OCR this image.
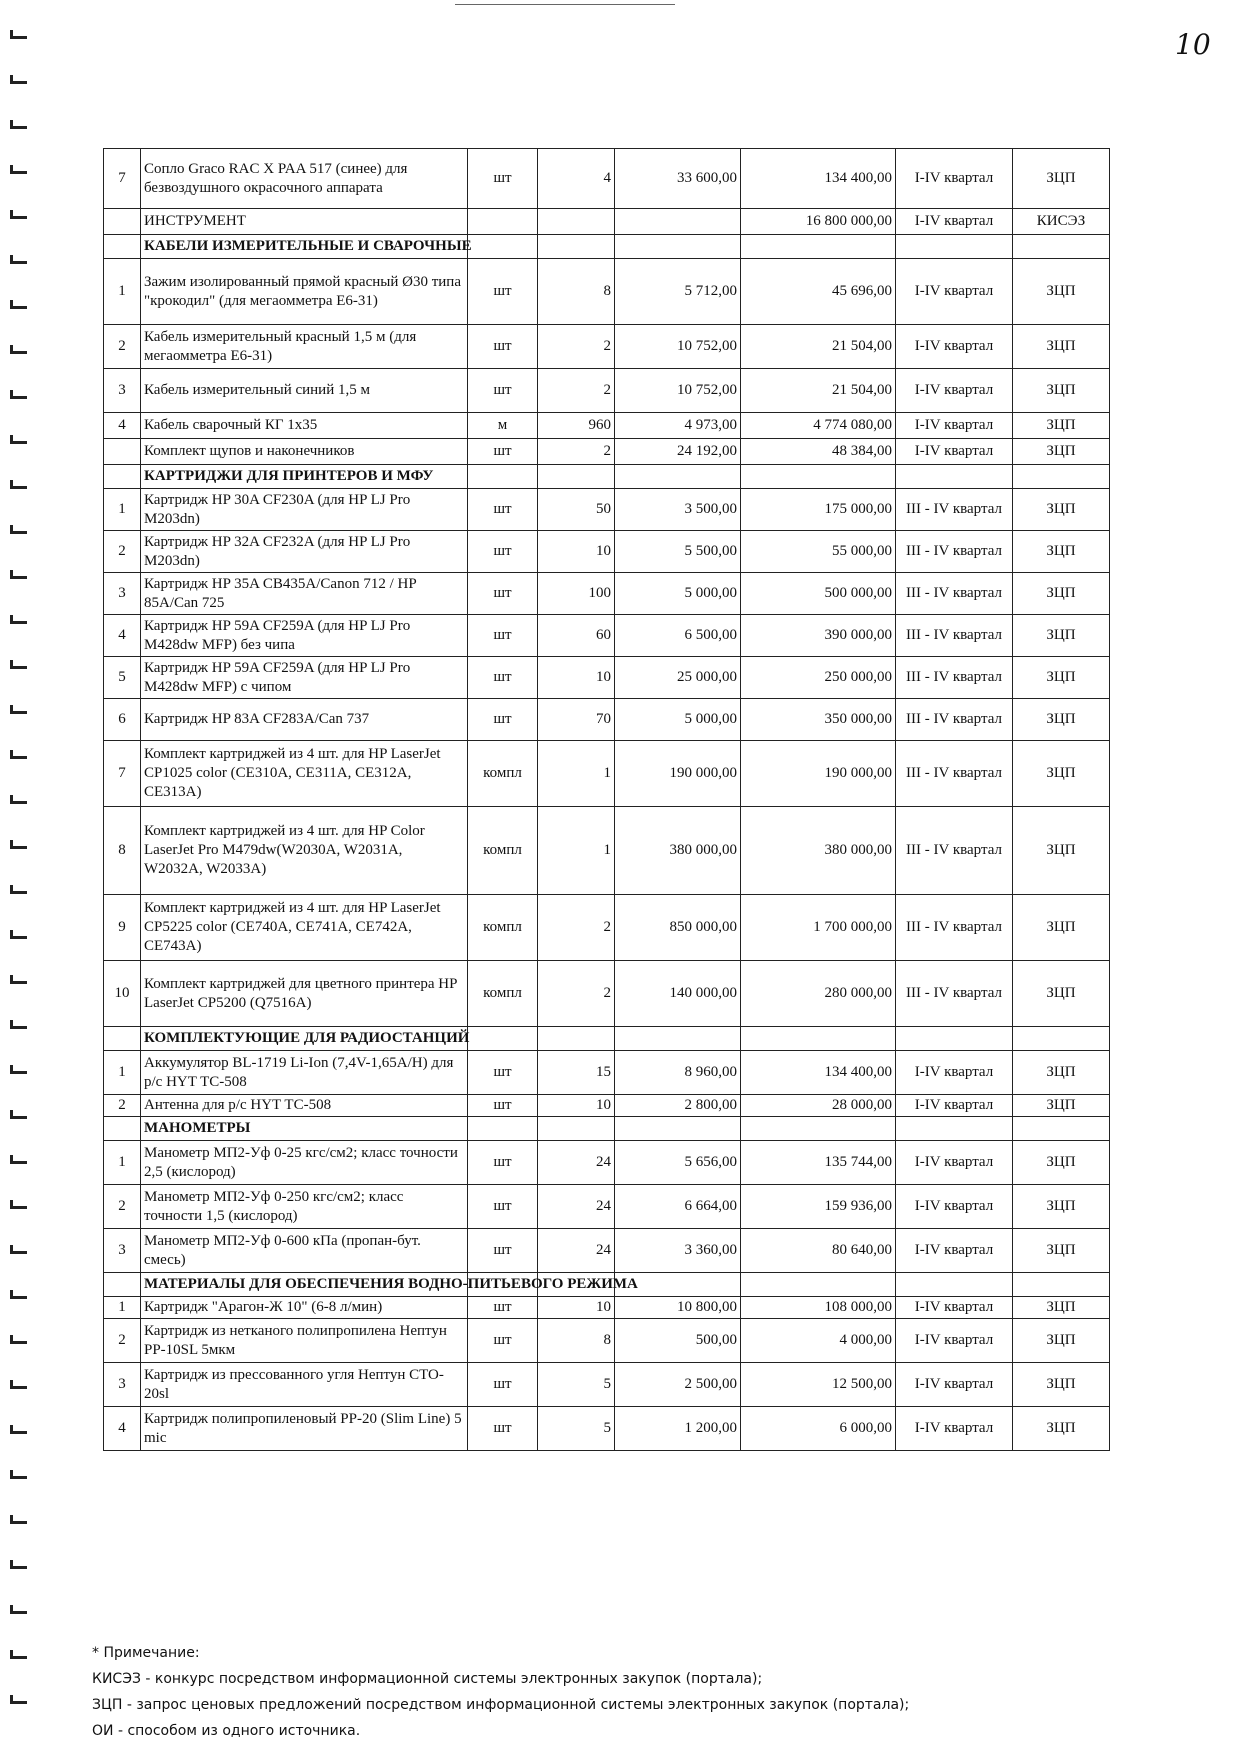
10
7	Сопло Graco RAC X PAA 517 (синее) для безвоздушного окрасочного аппарата	шт	4	33 600,00	134 400,00	I-IV квартал	ЗЦП
	ИНСТРУМЕНТ				16 800 000,00	I-IV квартал	КИСЭЗ
	КАБЕЛИ ИЗМЕРИТЕЛЬНЫЕ И СВАРОЧНЫЕ						
1	Зажим изолированный прямой красный Ø30 типа "крокодил" (для мегаомметра Е6-31)	шт	8	5 712,00	45 696,00	I-IV квартал	ЗЦП
2	Кабель измерительный красный 1,5 м (для мегаомметра Е6-31)	шт	2	10 752,00	21 504,00	I-IV квартал	ЗЦП
3	Кабель измерительный синий 1,5 м	шт	2	10 752,00	21 504,00	I-IV квартал	ЗЦП
4	Кабель сварочный КГ 1х35	м	960	4 973,00	4 774 080,00	I-IV квартал	ЗЦП
	Комплект щупов и наконечников	шт	2	24 192,00	48 384,00	I-IV квартал	ЗЦП
	КАРТРИДЖИ ДЛЯ ПРИНТЕРОВ И МФУ						
1	Картридж HP 30A CF230A (для HP LJ Pro M203dn)	шт	50	3 500,00	175 000,00	III - IV квартал	ЗЦП
2	Картридж HP 32A CF232A (для HP LJ Pro M203dn)	шт	10	5 500,00	55 000,00	III - IV квартал	ЗЦП
3	Картридж HP 35A CB435A/Canon 712 / HP 85A/Can 725	шт	100	5 000,00	500 000,00	III - IV квартал	ЗЦП
4	Картридж HP 59A CF259A (для HP LJ Pro M428dw MFP) без чипа	шт	60	6 500,00	390 000,00	III - IV квартал	ЗЦП
5	Картридж HP 59A CF259A (для HP LJ Pro M428dw MFP) с чипом	шт	10	25 000,00	250 000,00	III - IV квартал	ЗЦП
6	Картридж HP 83A CF283A/Can 737	шт	70	5 000,00	350 000,00	III - IV квартал	ЗЦП
7	Комплект картриджей из 4 шт. для HP LaserJet CP1025 color (CE310A, CE311A, CE312A, CE313A)	компл	1	190 000,00	190 000,00	III - IV квартал	ЗЦП
8	Комплект картриджей из 4 шт. для HP Color LaserJet Pro M479dw(W2030A, W2031A, W2032A, W2033A)	компл	1	380 000,00	380 000,00	III - IV квартал	ЗЦП
9	Комплект картриджей из 4 шт. для HP LaserJet CP5225 color (CE740A, CE741A, CE742A, CE743A)	компл	2	850 000,00	1 700 000,00	III - IV квартал	ЗЦП
10	Комплект картриджей для цветного принтера HP LaserJet CP5200 (Q7516A)	компл	2	140 000,00	280 000,00	III - IV квартал	ЗЦП
	КОМПЛЕКТУЮЩИЕ ДЛЯ РАДИОСТАНЦИЙ						
1	Аккумулятор BL-1719 Li-Ion (7,4V-1,65A/H) для р/с HYT TC-508	шт	15	8 960,00	134 400,00	I-IV квартал	ЗЦП
2	Антенна для р/с HYT TC-508	шт	10	2 800,00	28 000,00	I-IV квартал	ЗЦП
	МАНОМЕТРЫ						
1	Манометр МП2-Уф 0-25 кгс/см2; класс точности 2,5 (кислород)	шт	24	5 656,00	135 744,00	I-IV квартал	ЗЦП
2	Манометр МП2-Уф 0-250 кгс/см2; класс точности 1,5 (кислород)	шт	24	6 664,00	159 936,00	I-IV квартал	ЗЦП
3	Манометр МП2-Уф 0-600 кПа (пропан-бут. смесь)	шт	24	3 360,00	80 640,00	I-IV квартал	ЗЦП
	МАТЕРИАЛЫ ДЛЯ ОБЕСПЕЧЕНИЯ ВОДНО-ПИТЬЕВОГО РЕЖИМА						
1	Картридж "Арагон-Ж 10" (6-8 л/мин)	шт	10	10 800,00	108 000,00	I-IV квартал	ЗЦП
2	Картридж из нетканого полипропилена Нептун PP-10SL 5мкм	шт	8	500,00	4 000,00	I-IV квартал	ЗЦП
3	Картридж из прессованного угля Нептун CTO-20sl	шт	5	2 500,00	12 500,00	I-IV квартал	ЗЦП
4	Картридж полипропиленовый PP-20 (Slim Line) 5 mic	шт	5	1 200,00	6 000,00	I-IV квартал	ЗЦП
* Примечание:
КИСЭЗ - конкурс посредством информационной системы электронных закупок (портала);
ЗЦП - запрос ценовых предложений посредством информационной системы электронных закупок (портала);
ОИ - способом из одного источника.
